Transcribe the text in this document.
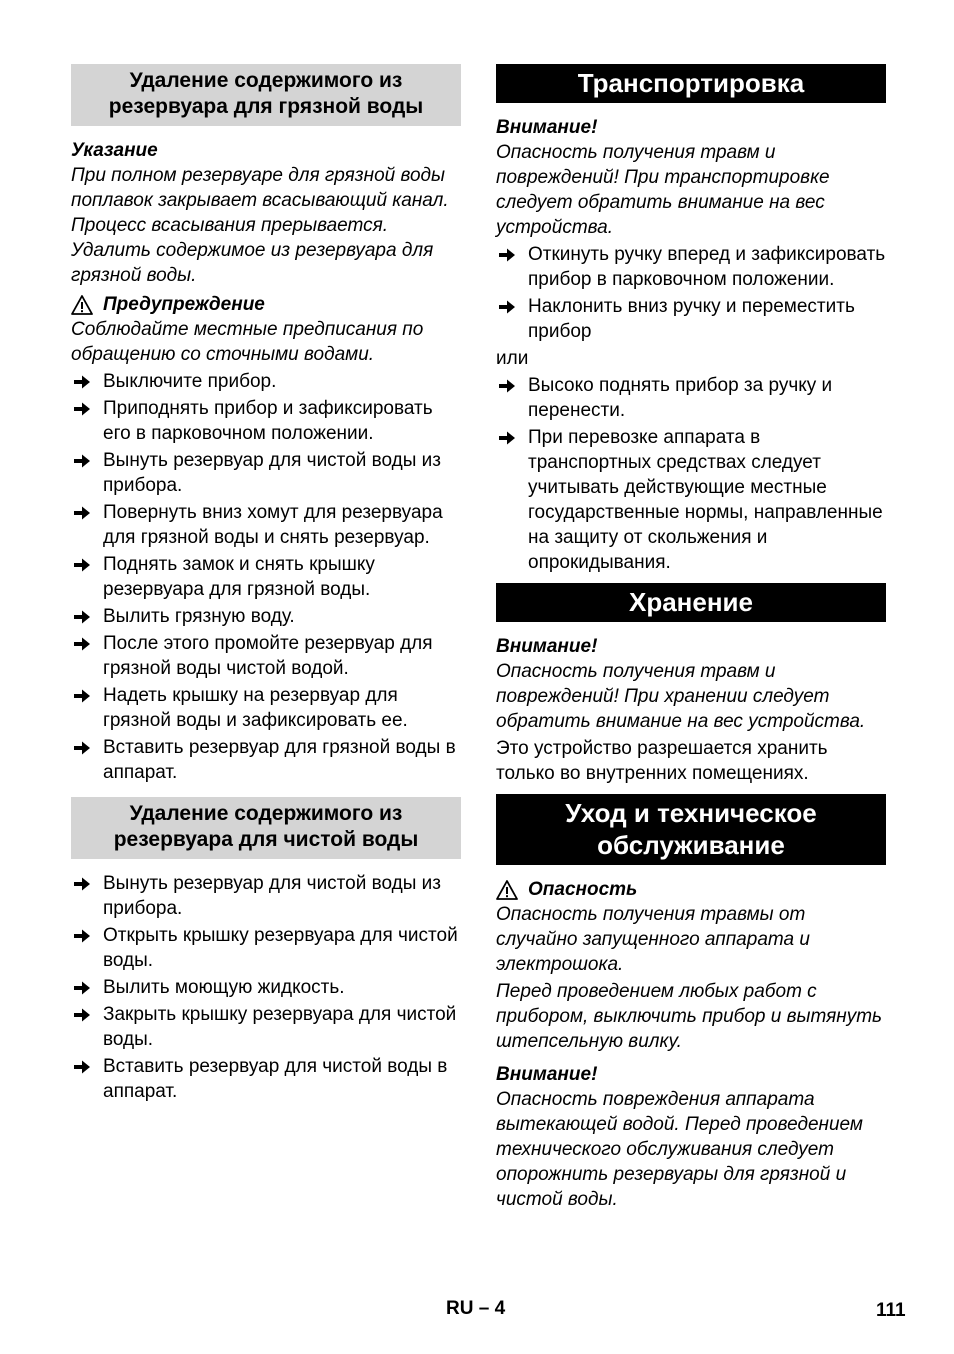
Удаление содержимого из резервуара для грязной воды

Указание

При полном резервуаре для грязной воды поплавок закрывает всасывающий канал. Процесс всасывания прерывается. Удалить содержимое из резервуара для грязной воды.

Предупреждение

Соблюдайте местные предписания по обращению со сточными водами.

Выключите прибор.
Приподнять прибор и зафиксировать его в парковочном положении.
Вынуть резервуар для чистой воды из прибора.
Повернуть вниз хомут для резервуара для грязной воды и снять резервуар.
Поднять замок и снять крышку резервуара для грязной воды.
Вылить грязную воду.
После этого промойте резервуар для грязной воды чистой водой.
Надеть крышку на резервуар для грязной воды и зафиксировать ее.
Вставить резервуар для грязной воды в аппарат.
Удаление содержимого из резервуара для чистой воды
Вынуть резервуар для чистой воды из прибора.
Открыть крышку резервуара для чистой воды.
Вылить моющую жидкость.
Закрыть крышку резервуара для чистой воды.
Вставить резервуар для чистой воды в аппарат.
Транспортировка

Внимание!

Опасность получения травм и повреждений! При транспортировке следует обратить внимание на вес устройства.

Откинуть ручку вперед и зафиксировать прибор в парковочном положении.
Наклонить вниз ручку и переместить прибор

или

Высоко поднять прибор за ручку и перенести.
При перевозке аппарата в транспортных средствах следует учитывать действующие местные государственные нормы, направленные на защиту от скольжения и опрокидывания.
Хранение

Внимание!

Опасность получения травм и повреждений! При хранении следует обратить внимание на вес устройства.

Это устройство разрешается хранить только во внутренних помещениях.

Уход и техническое обслуживание

Опасность

Опасность получения травмы от случайно запущенного аппарата и электрошока.

Перед проведением любых работ с прибором, выключить прибор и вытянуть штепсельную вилку.

Внимание!

Опасность повреждения аппарата вытекающей водой. Перед проведением технического обслуживания следует опорожнить резервуары для грязной и чистой воды.

RU – 4	111
